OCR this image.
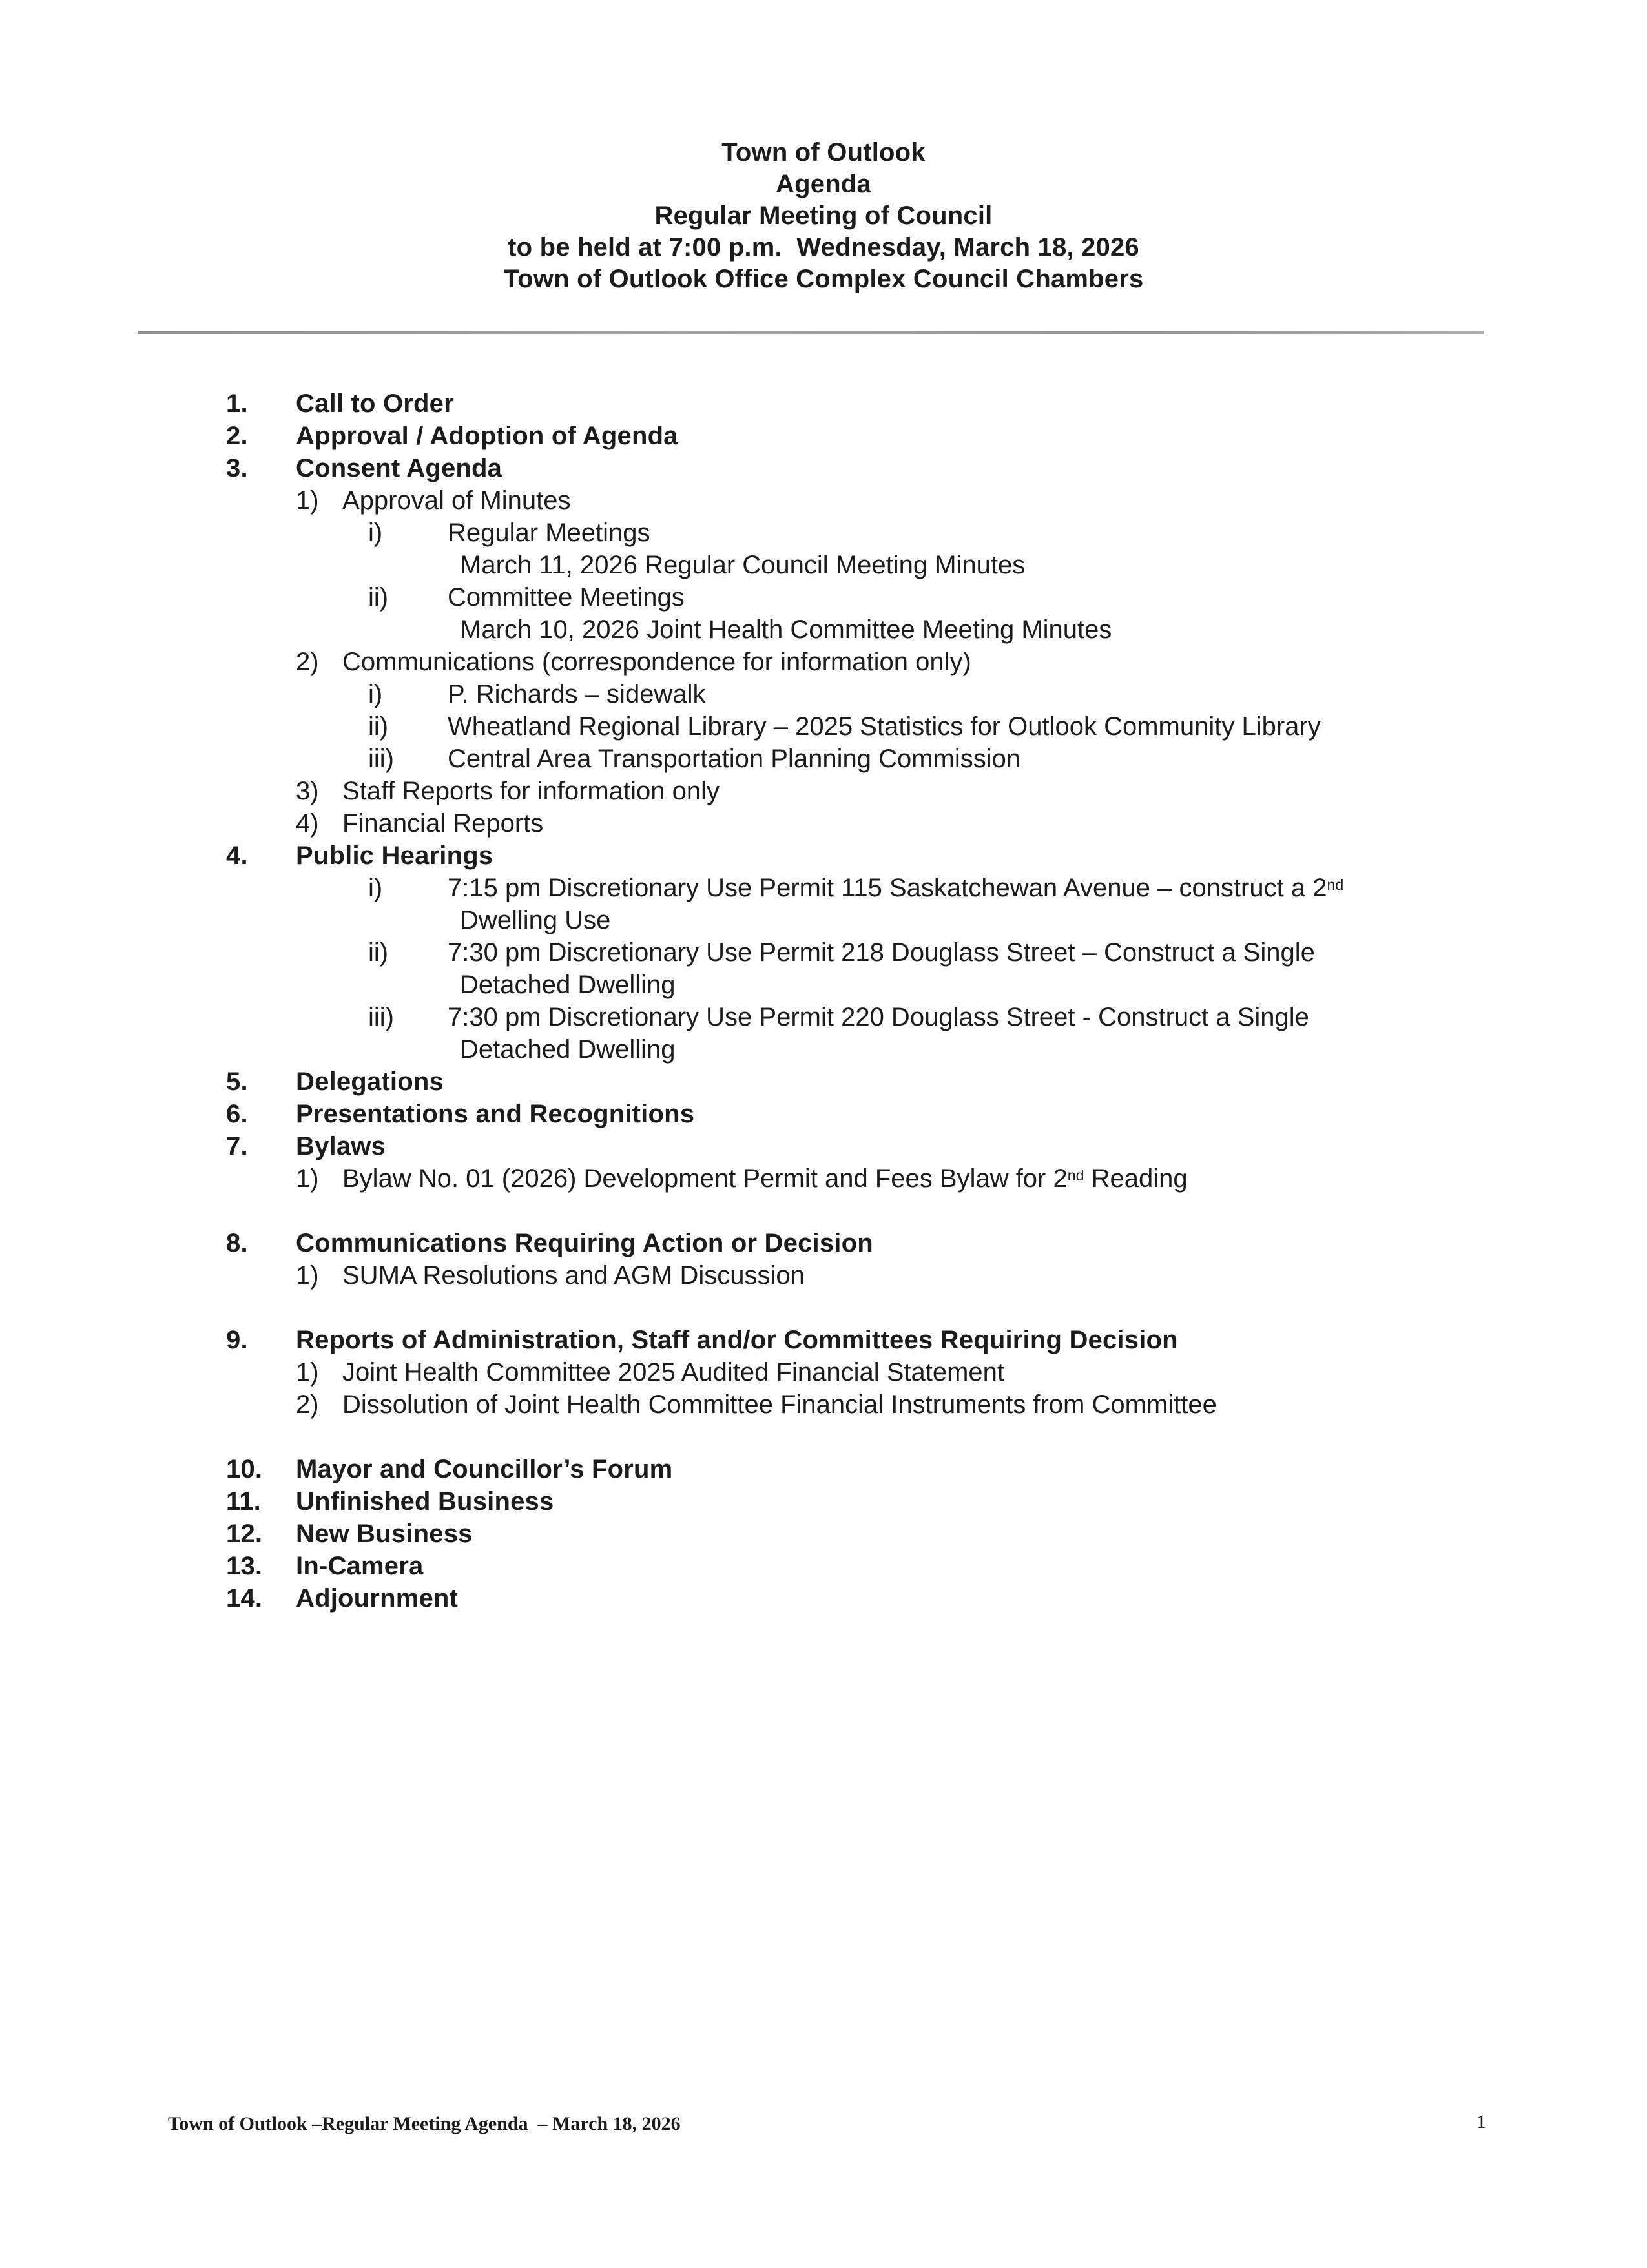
Town of Outlook
Agenda
Regular Meeting of Council
to be held at 7:00 p.m.  Wednesday, March 18, 2026
Town of Outlook Office Complex Council Chambers
1.	Call to Order
2.	Approval / Adoption of Agenda
3.	Consent Agenda
1) Approval of Minutes
i)	Regular Meetings
March 11, 2026 Regular Council Meeting Minutes
ii)	Committee Meetings
March 10, 2026 Joint Health Committee Meeting Minutes
2) Communications (correspondence for information only)
i)	P. Richards – sidewalk
ii)	Wheatland Regional Library – 2025 Statistics for Outlook Community Library
iii)	Central Area Transportation Planning Commission
3) Staff Reports for information only
4) Financial Reports
4.	Public Hearings
i)	7:15 pm Discretionary Use Permit 115 Saskatchewan Avenue – construct a 2nd
Dwelling Use
ii)	7:30 pm Discretionary Use Permit 218 Douglass Street – Construct a Single
Detached Dwelling
iii)	7:30 pm Discretionary Use Permit 220 Douglass Street - Construct a Single
Detached Dwelling
5.	Delegations
6.	Presentations and Recognitions
7.	Bylaws
1) Bylaw No. 01 (2026) Development Permit and Fees Bylaw for 2nd Reading
8.	Communications Requiring Action or Decision
1) SUMA Resolutions and AGM Discussion
9.	Reports of Administration, Staff and/or Committees Requiring Decision
1) Joint Health Committee 2025 Audited Financial Statement
2) Dissolution of Joint Health Committee Financial Instruments from Committee
10.	Mayor and Councillor’s Forum
11.	Unfinished Business
12.	New Business
13.	In-Camera
14.	Adjournment
Town of Outlook –Regular Meeting Agenda  – March 18, 2026	1
